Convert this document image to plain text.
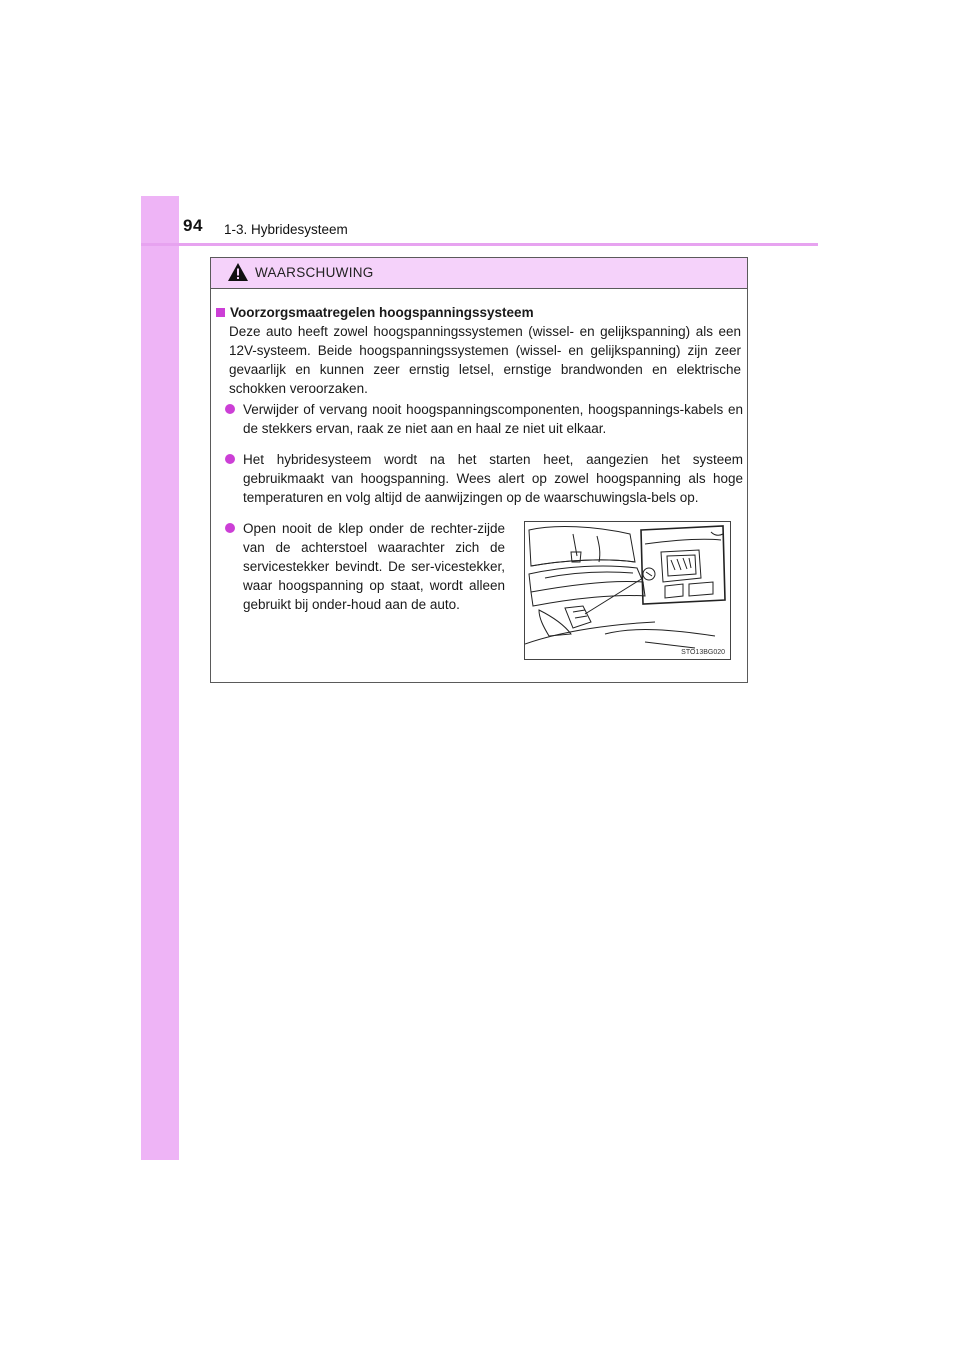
94 1-3. Hybridesysteem
WAARSCHUWING
Voorzorgsmaatregelen hoogspanningssysteem
Deze auto heeft zowel hoogspanningssystemen (wissel- en gelijkspanning) als een 12V-systeem. Beide hoogspanningssystemen (wissel- en gelijkspanning) zijn zeer gevaarlijk en kunnen zeer ernstig letsel, ernstige brandwonden en elektrische schokken veroorzaken.
Verwijder of vervang nooit hoogspanningscomponenten, hoogspannings-kabels en de stekkers ervan, raak ze niet aan en haal ze niet uit elkaar.
Het hybridesysteem wordt na het starten heet, aangezien het systeem gebruikmaakt van hoogspanning. Wees alert op zowel hoogspanning als hoge temperaturen en volg altijd de aanwijzingen op de waarschuwingsla-bels op.
Open nooit de klep onder de rechter-zijde van de achterstoel waarachter zich de servicestekker bevindt. De ser-vicestekker, waar hoogspanning op staat, wordt alleen gebruikt bij onder-houd aan de auto.
STO13BG020
